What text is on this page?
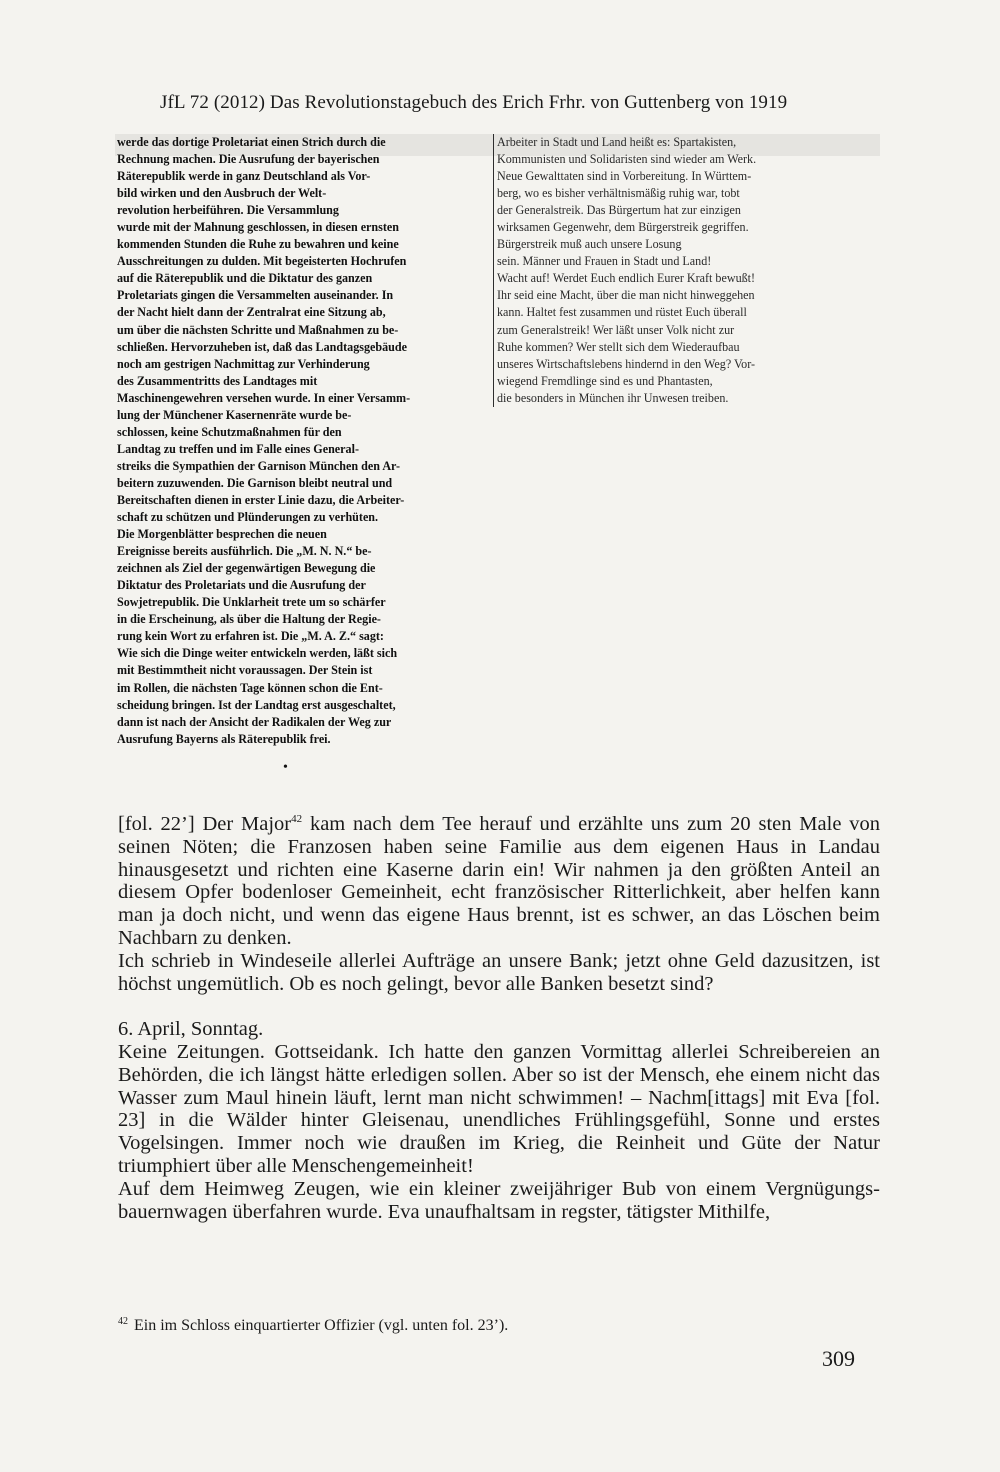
JfL 72 (2012) Das Revolutionstagebuch des Erich Frhr. von Guttenberg von 1919
werde das dortige Proletariat einen Strich durch die
Rechnung machen. Die Ausrufung der bayerischen
Räterepublik werde in ganz Deutschland als Vor-
bild wirken und den Ausbruch der Welt-
revolution herbeiführen. Die Versammlung
wurde mit der Mahnung geschlossen, in diesen ernsten
kommenden Stunden die Ruhe zu bewahren und keine
Ausschreitungen zu dulden. Mit begeisterten Hochrufen
auf die Räterepublik und die Diktatur des ganzen
Proletariats gingen die Versammelten auseinander. In
der Nacht hielt dann der Zentralrat eine Sitzung ab,
um über die nächsten Schritte und Maßnahmen zu be-
schließen. Hervorzuheben ist, daß das Landtagsgebäude
noch am gestrigen Nachmittag zur Verhinderung
des Zusammentritts des Landtages mit
Maschinengewehren versehen wurde. In einer Versamm-
lung der Münchener Kasernenräte wurde be-
schlossen, keine Schutzmaßnahmen für den
Landtag zu treffen und im Falle eines General-
streiks die Sympathien der Garnison München den Ar-
beitern zuzuwenden. Die Garnison bleibt neutral und
Bereitschaften dienen in erster Linie dazu, die Arbeiter-
schaft zu schützen und Plünderungen zu verhüten.
Die Morgenblätter besprechen die neuen
Ereignisse bereits ausführlich. Die „M. N. N.“ be-
zeichnen als Ziel der gegenwärtigen Bewegung die
Diktatur des Proletariats und die Ausrufung der
Sowjetrepublik. Die Unklarheit trete um so schärfer
in die Erscheinung, als über die Haltung der Regie-
rung kein Wort zu erfahren ist. Die „M. A. Z.“ sagt:
Wie sich die Dinge weiter entwickeln werden, läßt sich
mit Bestimmtheit nicht voraussagen. Der Stein ist
im Rollen, die nächsten Tage können schon die Ent-
scheidung bringen. Ist der Landtag erst ausgeschaltet,
dann ist nach der Ansicht der Radikalen der Weg zur
Ausrufung Bayerns als Räterepublik frei.
Arbeiter in Stadt und Land heißt es: Spartakisten,
Kommunisten und Solidaristen sind wieder am Werk.
Neue Gewalttaten sind in Vorbereitung. In Württem-
berg, wo es bisher verhältnismäßig ruhig war, tobt
der Generalstreik. Das Bürgertum hat zur einzigen
wirksamen Gegenwehr, dem Bürgerstreik gegriffen.
Bürgerstreik muß auch unsere Losung
sein. Männer und Frauen in Stadt und Land!
Wacht auf! Werdet Euch endlich Eurer Kraft bewußt!
Ihr seid eine Macht, über die man nicht hinweggehen
kann. Haltet fest zusammen und rüstet Euch überall
zum Generalstreik! Wer läßt unser Volk nicht zur
Ruhe kommen? Wer stellt sich dem Wiederaufbau
unseres Wirtschaftslebens hindernd in den Weg? Vor-
wiegend Fremdlinge sind es und Phantasten,
die besonders in München ihr Unwesen treiben.
•

[fol. 22’] Der Major$^{42}$ kam nach dem Tee herauf und erzählte uns zum 20 sten Male von seinen Nöten; die Franzosen haben seine Familie aus dem eigenen Haus in Landau hinausgesetzt und richten eine Kaserne darin ein! Wir nahmen ja den größten Anteil an diesem Opfer bodenloser Gemeinheit, echt französischer Ritterlichkeit, aber helfen kann man ja doch nicht, und wenn das eigene Haus brennt, ist es schwer, an das Löschen beim Nachbarn zu denken.

Ich schrieb in Windeseile allerlei Aufträge an unsere Bank; jetzt ohne Geld dazusitzen, ist höchst ungemütlich. Ob es noch gelingt, bevor alle Banken besetzt sind?

6. April, Sonntag.

Keine Zeitungen. Gottseidank. Ich hatte den ganzen Vormittag allerlei Schreibereien an Behörden, die ich längst hätte erledigen sollen. Aber so ist der Mensch, ehe einem nicht das Wasser zum Maul hinein läuft, lernt man nicht schwimmen! – Nachm[ittags] mit Eva [fol. 23] in die Wälder hinter Gleisenau, unendliches Frühlingsgefühl, Sonne und erstes Vogelsingen. Immer noch wie draußen im Krieg, die Reinheit und Güte der Natur triumphiert über alle Menschengemeinheit!

Auf dem Heimweg Zeugen, wie ein kleiner zweijähriger Bub von einem Vergnügungs-bauernwagen überfahren wurde. Eva unaufhaltsam in regster, tätigster Mithilfe,

$^{42}$ Ein im Schloss einquartierter Offizier (vgl. unten fol. 23’).
309
